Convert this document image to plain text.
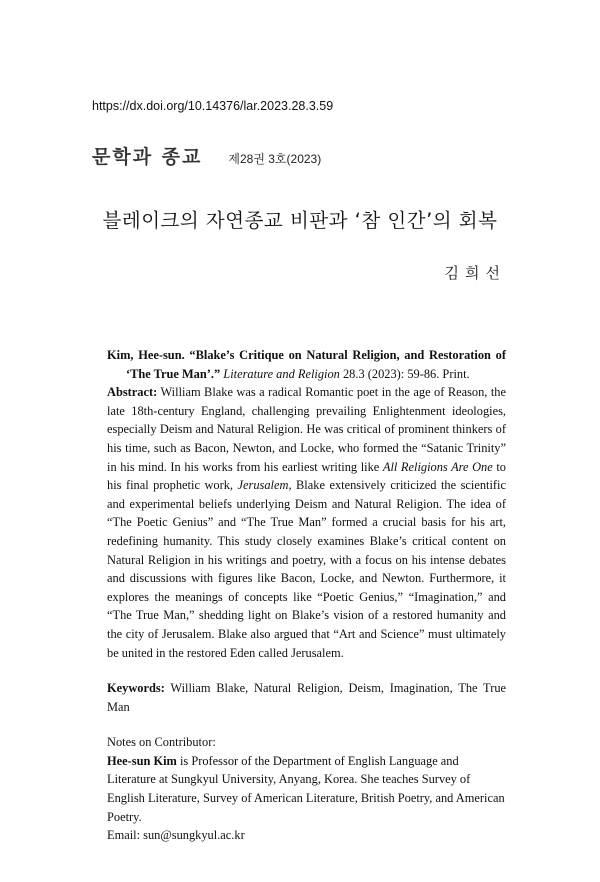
https://dx.doi.org/10.14376/lar.2023.28.3.59
문학과 종교 제28권 3호(2023)
블레이크의 자연종교 비판과 ‘참 인간’의 회복
김희선

Kim, Hee-sun. “Blake’s Critique on Natural Religion, and Restoration of ‘The True Man’.” Literature and Religion 28.3 (2023): 59-86. Print.

Abstract: William Blake was a radical Romantic poet in the age of Reason, the late 18th-century England, challenging prevailing Enlightenment ideologies, especially Deism and Natural Religion. He was critical of prominent thinkers of his time, such as Bacon, Newton, and Locke, who formed the “Satanic Trinity” in his mind. In his works from his earliest writing like All Religions Are One to his final prophetic work, Jerusalem, Blake extensively criticized the scientific and experimental beliefs underlying Deism and Natural Religion. The idea of “The Poetic Genius” and “The True Man” formed a crucial basis for his art, redefining humanity. This study closely examines Blake’s critical content on Natural Religion in his writings and poetry, with a focus on his intense debates and discussions with figures like Bacon, Locke, and Newton. Furthermore, it explores the meanings of concepts like “Poetic Genius,” “Imagination,” and “The True Man,” shedding light on Blake’s vision of a restored humanity and the city of Jerusalem. Blake also argued that “Art and Science” must ultimately be united in the restored Eden called Jerusalem.

Keywords: William Blake, Natural Religion, Deism, Imagination, The True Man

Notes on Contributor:

Hee-sun Kim is Professor of the Department of English Language and Literature at Sungkyul University, Anyang, Korea. She teaches Survey of English Literature, Survey of American Literature, British Poetry, and American Poetry.

Email: sun@sungkyul.ac.kr
